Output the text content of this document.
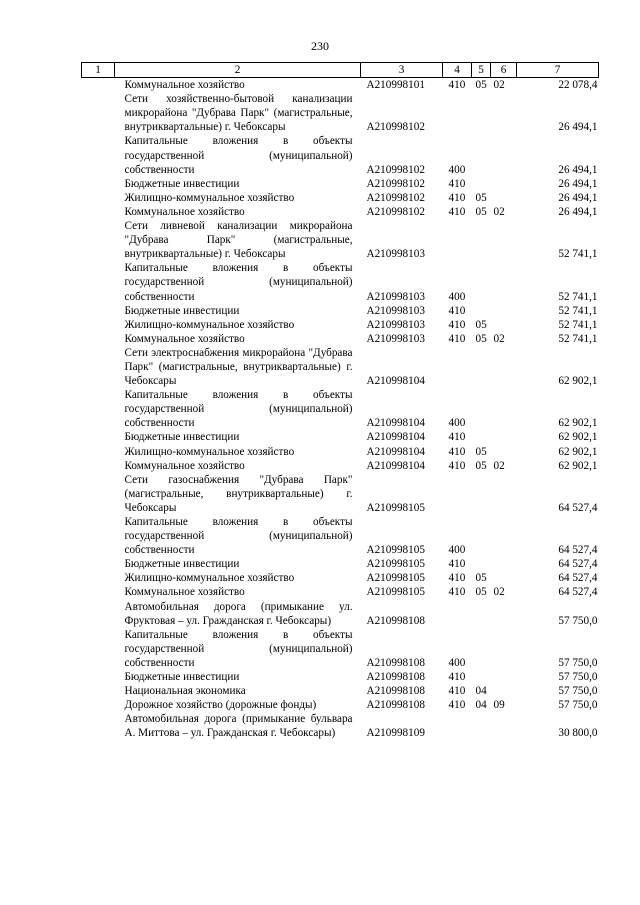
230
1	2	3	4	5	6	7
	Коммунальное хозяйство	А210998101	410	05	02	22 078,4
	Сети хозяйственно-бытовой канализации микрорайона "Дубрава Парк" (магистральные, внутриквартальные) г. Чебоксары	А210998102				26 494,1
	Капитальные вложения в объекты государственной (муниципальной) собственности	А210998102	400			26 494,1
	Бюджетные инвестиции	А210998102	410			26 494,1
	Жилищно-коммунальное хозяйство	А210998102	410	05		26 494,1
	Коммунальное хозяйство	А210998102	410	05	02	26 494,1
	Сети ливневой канализации микрорайона "Дубрава Парк" (магистральные, внутриквартальные) г. Чебоксары	А210998103				52 741,1
	Капитальные вложения в объекты государственной (муниципальной) собственности	А210998103	400			52 741,1
	Бюджетные инвестиции	А210998103	410			52 741,1
	Жилищно-коммунальное хозяйство	А210998103	410	05		52 741,1
	Коммунальное хозяйство	А210998103	410	05	02	52 741,1
	Сети электроснабжения микрорайона "Дубрава Парк" (магистральные, внутриквартальные) г. Чебоксары	А210998104				62 902,1
	Капитальные вложения в объекты государственной (муниципальной) собственности	А210998104	400			62 902,1
	Бюджетные инвестиции	А210998104	410			62 902,1
	Жилищно-коммунальное хозяйство	А210998104	410	05		62 902,1
	Коммунальное хозяйство	А210998104	410	05	02	62 902,1
	Сети газоснабжения "Дубрава Парк" (магистральные, внутриквартальные) г. Чебоксары	А210998105				64 527,4
	Капитальные вложения в объекты государственной (муниципальной) собственности	А210998105	400			64 527,4
	Бюджетные инвестиции	А210998105	410			64 527,4
	Жилищно-коммунальное хозяйство	А210998105	410	05		64 527,4
	Коммунальное хозяйство	А210998105	410	05	02	64 527,4
	Автомобильная дорога (примыкание ул. Фруктовая – ул. Гражданская г. Чебоксары)	А210998108				57 750,0
	Капитальные вложения в объекты государственной (муниципальной) собственности	А210998108	400			57 750,0
	Бюджетные инвестиции	А210998108	410			57 750,0
	Национальная экономика	А210998108	410	04		57 750,0
	Дорожное хозяйство (дорожные фонды)	А210998108	410	04	09	57 750,0
	Автомобильная дорога (примыкание бульвара А. Миттова – ул. Гражданская г. Чебоксары)	А210998109				30 800,0
